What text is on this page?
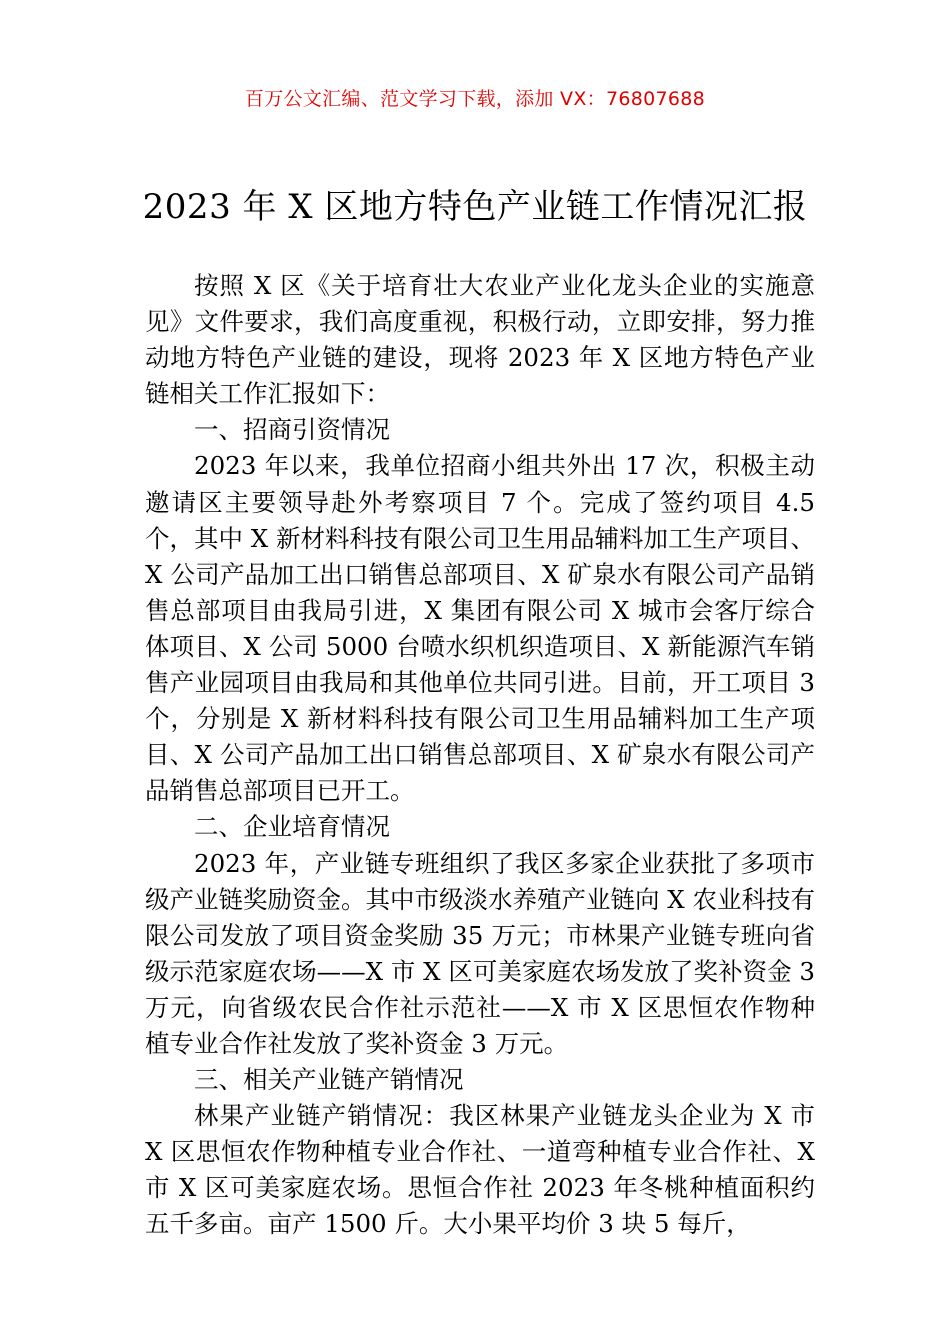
百万公文汇编、范文学习下载，添加 VX：76807688
2023 年 X 区地方特色产业链工作情况汇报

按照 X 区《关于培育壮大农业产业化龙头企业的实施意见》文件要求，我们高度重视，积极行动，立即安排，努力推动地方特色产业链的建设，现将 2023 年 X 区地方特色产业链相关工作汇报如下：

一、招商引资情况

2023 年以来，我单位招商小组共外出 17 次，积极主动邀请区主要领导赴外考察项目 7 个。完成了签约项目 4.5 个，其中 X 新材料科技有限公司卫生用品辅料加工生产项目、X 公司产品加工出口销售总部项目、X 矿泉水有限公司产品销售总部项目由我局引进，X 集团有限公司 X 城市会客厅综合体项目、X 公司 5000 台喷水织机织造项目、X 新能源汽车销售产业园项目由我局和其他单位共同引进。目前，开工项目 3 个，分别是 X 新材料科技有限公司卫生用品辅料加工生产项目、X 公司产品加工出口销售总部项目、X 矿泉水有限公司产品销售总部项目已开工。

二、企业培育情况

2023 年，产业链专班组织了我区多家企业获批了多项市级产业链奖励资金。其中市级淡水养殖产业链向 X 农业科技有限公司发放了项目资金奖励 35 万元；市林果产业链专班向省级示范家庭农场——X 市 X 区可美家庭农场发放了奖补资金 3 万元，向省级农民合作社示范社——X 市 X 区思恒农作物种植专业合作社发放了奖补资金 3 万元。

三、相关产业链产销情况

林果产业链产销情况：我区林果产业链龙头企业为 X 市 X 区思恒农作物种植专业合作社、一道弯种植专业合作社、X 市 X 区可美家庭农场。思恒合作社 2023 年冬桃种植面积约五千多亩。亩产 1500 斤。大小果平均价 3 块 5 每斤，
